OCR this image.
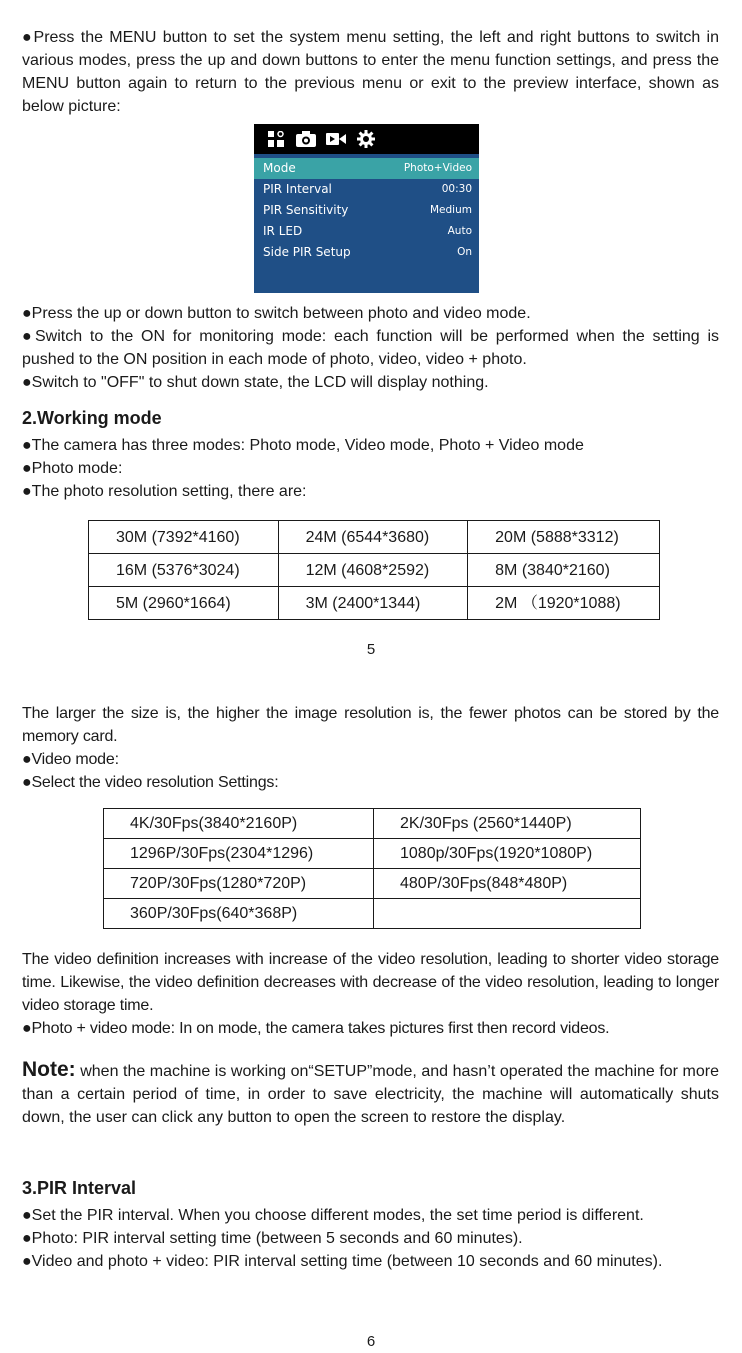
●Press the MENU button to set the system menu setting, the left and right buttons to switch in various modes, press the up and down buttons to enter the menu function settings, and press the MENU button again to return to the previous menu or exit to the preview interface, shown as below picture:

Mode	Photo+Video
PIR Interval	00:30
PIR Sensitivity	Medium
IR LED	Auto
Side PIR Setup	On

●Press the up or down button to switch between photo and video mode.

●Switch to the ON for monitoring mode: each function will be performed when the setting is pushed to the ON position in each mode of photo, video, video + photo.

●Switch to "OFF" to shut down state, the LCD will display nothing.

2.Working mode

●The camera has three modes: Photo mode, Video mode, Photo + Video mode

●Photo mode:

●The photo resolution setting, there are:

30M (7392*4160)	24M (6544*3680)	20M (5888*3312)
16M (5376*3024)	12M (4608*2592)	8M (3840*2160)
5M (2960*1664)	3M (2400*1344)	2M （1920*1088)
5

The larger the size is, the higher the image resolution is, the fewer photos can be stored by the memory card.

●Video mode:

●Select the video resolution Settings:

4K/30Fps(3840*2160P)	2K/30Fps (2560*1440P)
1296P/30Fps(2304*1296)	1080p/30Fps(1920*1080P)
720P/30Fps(1280*720P)	480P/30Fps(848*480P)
360P/30Fps(640*368P)	

The video definition increases with increase of the video resolution, leading to shorter video storage time. Likewise, the video definition decreases with decrease of the video resolution, leading to longer video storage time.

●Photo + video mode: In on mode, the camera takes pictures first then record videos.

Note: when the machine is working on“SETUP”mode, and hasn’t operated the machine for more than a certain period of time, in order to save electricity, the machine will automatically shuts down, the user can click any button to open the screen to restore the display.

3.PIR Interval

●Set the PIR interval. When you choose different modes, the set time period is different.

●Photo: PIR interval setting time (between 5 seconds and 60 minutes).

●Video and photo + video: PIR interval setting time (between 10 seconds and 60 minutes).

6
